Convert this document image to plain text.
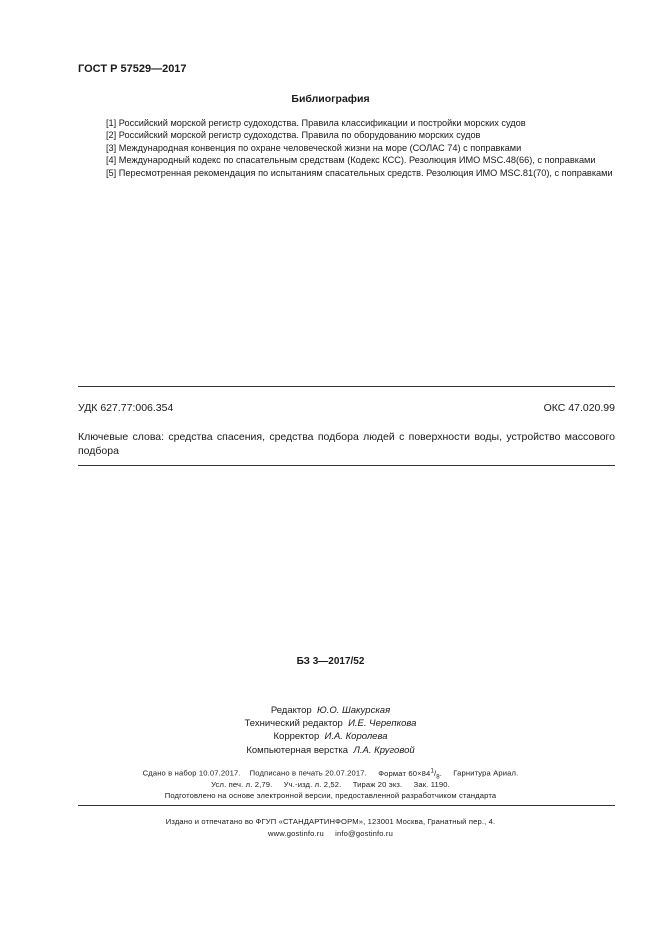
ГОСТ Р 57529—2017
Библиография

[1] Российский морской регистр судоходства. Правила классификации и постройки морских судов

[2] Российский морской регистр судоходства. Правила по оборудованию морских судов

[3] Международная конвенция по охране человеческой жизни на море (СОЛАС 74) с поправками

[4] Международный кодекс по спасательным средствам (Кодекс КСС). Резолюция ИМО MSC.48(66), с поправками

[5] Пересмотренная рекомендация по испытаниям спасательных средств. Резолюция ИМО MSC.81(70), с поправками

УДК 627.77:006.354	ОКС 47.020.99
Ключевые слова: средства спасения, средства подбора людей с поверхности воды, устройство массового подбора
БЗ 3—2017/52
Редактор Ю.О. Шакурская
Технический редактор И.Е. Черепкова
Корректор И.А. Королева
Компьютерная верстка Л.А. Круговой
Сдано в набор 10.07.2017. Подписано в печать 20.07.2017. Формат $60\times 84^1/_8$. Гарнитура Ариал.
Усл. печ. л. 2,79. Уч.-изд. л. 2,52. Тираж 20 экз. Зак. 1190.
Подготовлено на основе электронной версии, предоставленной разработчиком стандарта
Издано и отпечатано во ФГУП «СТАНДАРТИНФОРМ», 123001 Москва, Гранатный пер., 4.
www.gostinfo.ru info@gostinfo.ru
